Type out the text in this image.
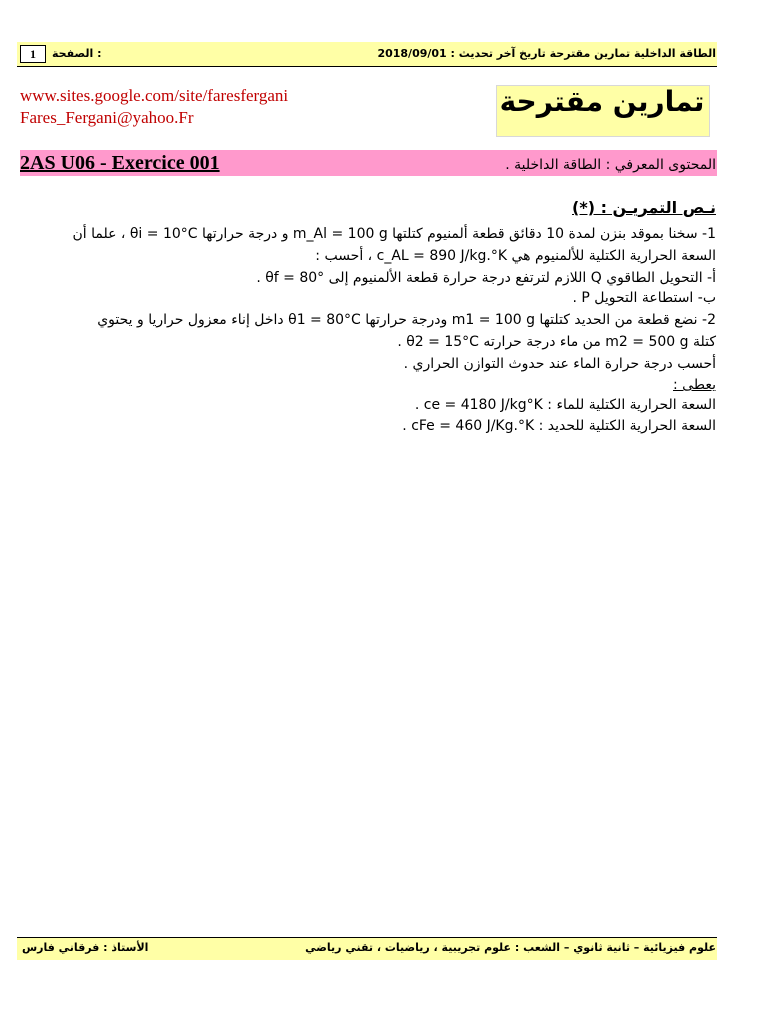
1	الصفحة :	الطاقة الداخلية تمارين مقترحة تاريخ آخر تحديث : 2018/09/01
www.sites.google.com/site/faresfergani
Fares_Fergani@yahoo.Fr	تمارين مقترحة
2AS U06 - Exercice 001	المحتوى المعرفي : الطاقة الداخلية .
نـص التمريـن : (*)
1- سخنا بموقد بنزن لمدة 10 دقائق قطعة ألمنيوم كتلتها m_Al = 100 g و درجة حرارتها θi = 10°C ، علما أن
السعة الحرارية الكتلية للألمنيوم هي c_AL = 890 J/kg.°K ، أحسب :
أ- التحويل الطاقوي Q اللازم لترتفع درجة حرارة قطعة الألمنيوم إلى θf = 80° .
ب- استطاعة التحويل P .
2- نضع قطعة من الحديد كتلتها m1 = 100 g ودرجة حرارتها θ1 = 80°C داخل إناء معزول حراريا و يحتوي
كتلة m2 = 500 g من ماء درجة حرارته θ2 = 15°C .
أحسب درجة حرارة الماء عند حدوث التوازن الحراري .
يعطى :
السعة الحرارية الكتلية للماء : ce = 4180 J/kg°K .
السعة الحرارية الكتلية للحديد : cFe = 460 J/Kg.°K .
الأستاذ : فرقاني فارس	علوم فيزيائية – ثانية ثانوي – الشعب : علوم تجريبية ، رياضيات ، تقني رياضي
